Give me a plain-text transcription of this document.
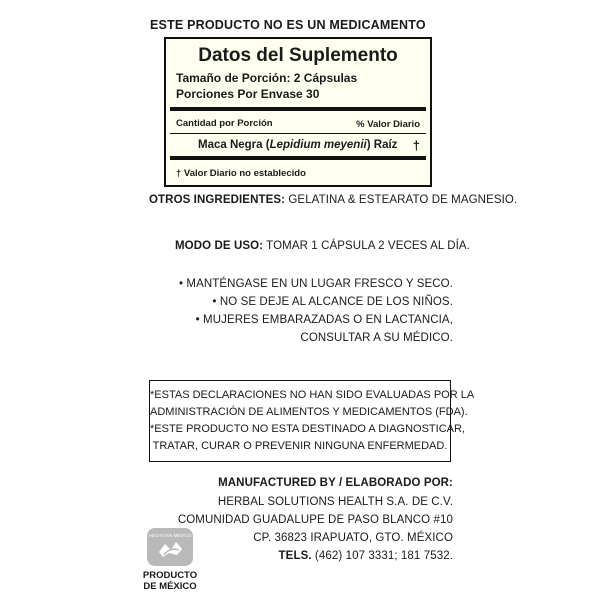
ESTE PRODUCTO NO ES UN MEDICAMENTO
Datos del Suplemento
Tamaño de Porción: 2 Cápsulas
Porciones Por Envase 30
Cantidad por Porción	% Valor Diario
Maca Negra (Lepidium meyenii) Raíz †
† Valor Diario no establecido
OTROS INGREDIENTES: GELATINA & ESTEARATO DE MAGNESIO.
MODO DE USO: TOMAR 1 CÁPSULA 2 VECES AL DÍA.
• MANTÉNGASE EN UN LUGAR FRESCO Y SECO.
• NO SE DEJE AL ALCANCE DE LOS NIÑOS.
• MUJERES EMBARAZADAS O EN LACTANCIA,
CONSULTAR A SU MÉDICO.
*ESTAS DECLARACIONES NO HAN SIDO EVALUADAS POR LA
ADMINISTRACIÓN DE ALIMENTOS Y MEDICAMENTOS (FDA).
*ESTE PRODUCTO NO ESTA DESTINADO A DIAGNOSTICAR,
TRATAR, CURAR O PREVENIR NINGUNA ENFERMEDAD.
MANUFACTURED BY / ELABORADO POR:
HERBAL SOLUTIONS HEALTH S.A. DE C.V.
COMUNIDAD GUADALUPE DE PASO BLANCO #10
CP. 36823 IRAPUATO, GTO. MÉXICO
TELS. (462) 107 3331; 181 7532.
HECHO EN MÉXICO
PRODUCTO
DE MÉXICO
